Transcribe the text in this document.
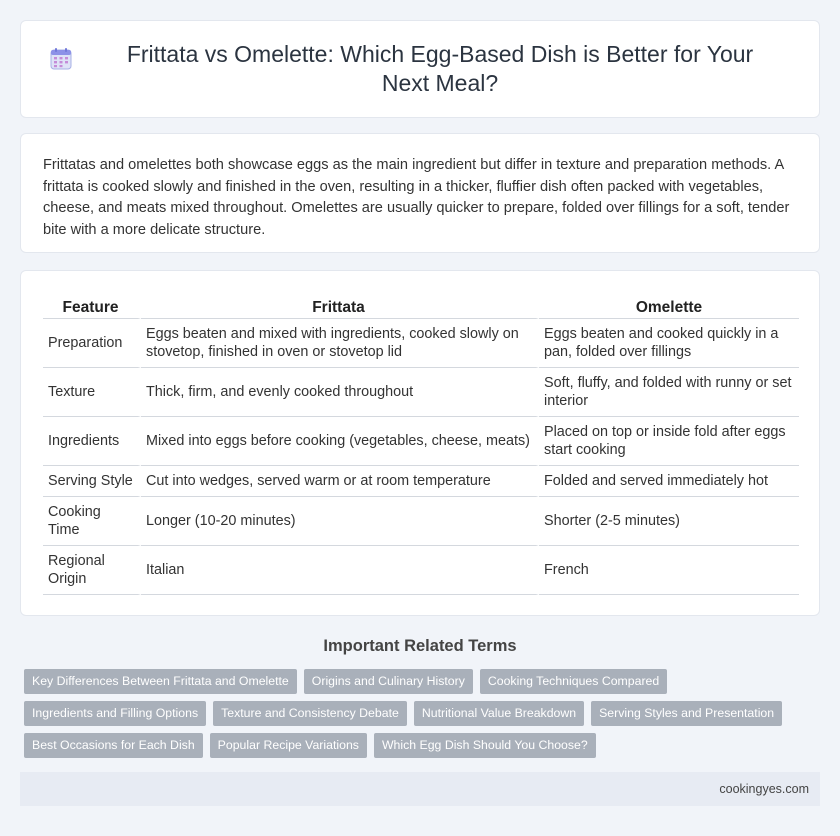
Frittata vs Omelette: Which Egg-Based Dish is Better for Your Next Meal?

Frittatas and omelettes both showcase eggs as the main ingredient but differ in texture and preparation methods. A frittata is cooked slowly and finished in the oven, resulting in a thicker, fluffier dish often packed with vegetables, cheese, and meats mixed throughout. Omelettes are usually quicker to prepare, folded over fillings for a soft, tender bite with a more delicate structure.

Feature	Frittata	Omelette
Preparation	Eggs beaten and mixed with ingredients, cooked slowly on stovetop, finished in oven or stovetop lid	Eggs beaten and cooked quickly in a pan, folded over fillings
Texture	Thick, firm, and evenly cooked throughout	Soft, fluffy, and folded with runny or set interior
Ingredients	Mixed into eggs before cooking (vegetables, cheese, meats)	Placed on top or inside fold after eggs start cooking
Serving Style	Cut into wedges, served warm or at room temperature	Folded and served immediately hot
Cooking Time	Longer (10-20 minutes)	Shorter (2-5 minutes)
Regional Origin	Italian	French
Important Related Terms
Key Differences Between Frittata and Omelette	Origins and Culinary History	Cooking Techniques Compared
Ingredients and Filling Options	Texture and Consistency Debate	Nutritional Value Breakdown	Serving Styles and Presentation
Best Occasions for Each Dish	Popular Recipe Variations	Which Egg Dish Should You Choose?
cookingyes.com
